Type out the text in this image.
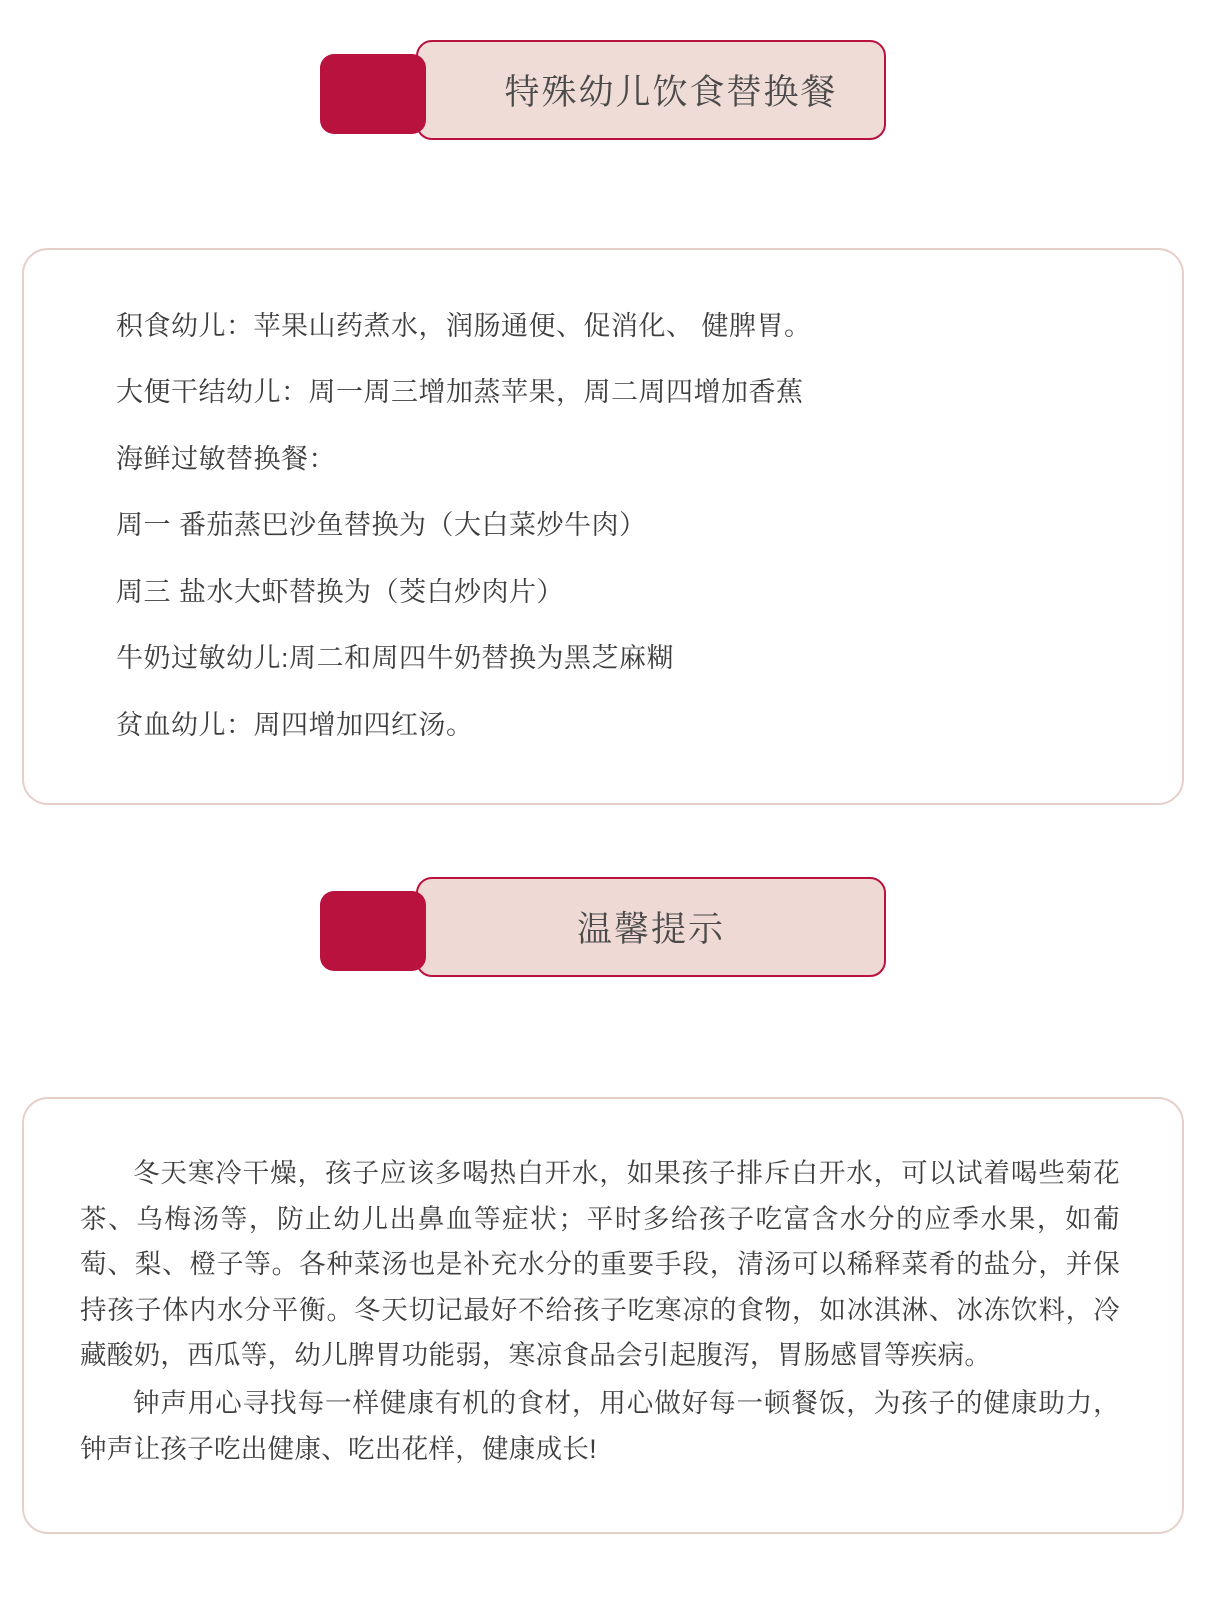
特殊幼儿饮食替换餐

积食幼儿：苹果山药煮水，润肠通便、促消化、 健脾胃。

大便干结幼儿：周一周三增加蒸苹果，周二周四增加香蕉

海鲜过敏替换餐：

周一 番茄蒸巴沙鱼替换为（大白菜炒牛肉）

周三 盐水大虾替换为（茭白炒肉片）

牛奶过敏幼儿:周二和周四牛奶替换为黑芝麻糊

贫血幼儿：周四增加四红汤。

温馨提示

冬天寒冷干燥，孩子应该多喝热白开水，如果孩子排斥白开水，可以试着喝些菊花茶、乌梅汤等，防止幼儿出鼻血等症状；平时多给孩子吃富含水分的应季水果，如葡萄、梨、橙子等。各种菜汤也是补充水分的重要手段，清汤可以稀释菜肴的盐分，并保持孩子体内水分平衡。冬天切记最好不给孩子吃寒凉的食物，如冰淇淋、冰冻饮料，冷藏酸奶，西瓜等，幼儿脾胃功能弱，寒凉食品会引起腹泻，胃肠感冒等疾病。

钟声用心寻找每一样健康有机的食材，用心做好每一顿餐饭，为孩子的健康助力，钟声让孩子吃出健康、吃出花样，健康成长!
